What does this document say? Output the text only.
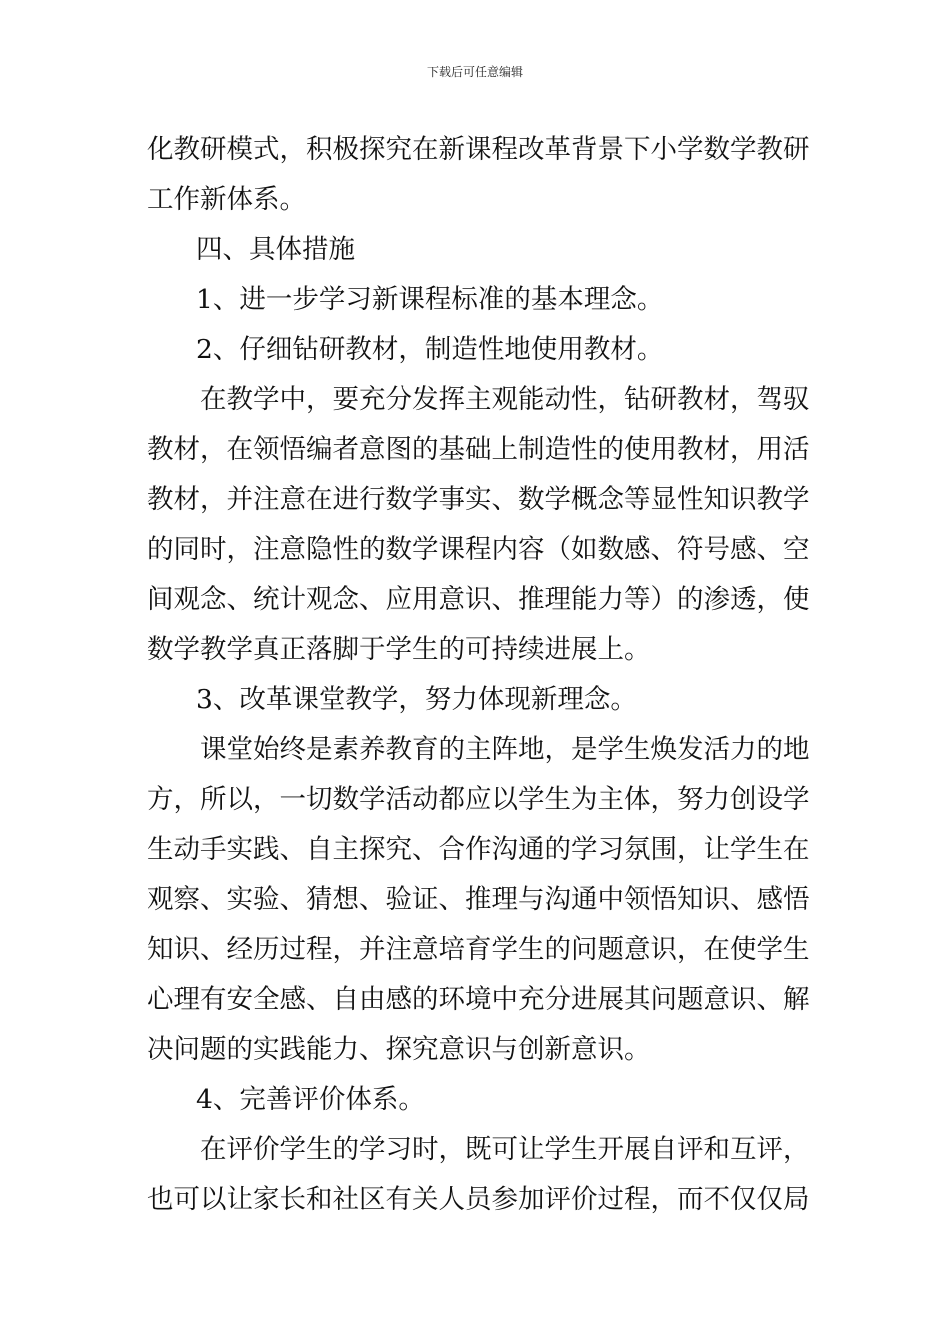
下载后可任意编辑
化教研模式，积极探究在新课程改革背景下小学数学教研
工作新体系。
四、具体措施
1、进一步学习新课程标准的基本理念。
2、仔细钻研教材，制造性地使用教材。
在教学中，要充分发挥主观能动性，钻研教材，驾驭
教材，在领悟编者意图的基础上制造性的使用教材，用活
教材，并注意在进行数学事实、数学概念等显性知识教学
的同时，注意隐性的数学课程内容（如数感、符号感、空
间观念、统计观念、应用意识、推理能力等）的渗透，使
数学教学真正落脚于学生的可持续进展上。
3、改革课堂教学，努力体现新理念。
课堂始终是素养教育的主阵地，是学生焕发活力的地
方，所以，一切数学活动都应以学生为主体，努力创设学
生动手实践、自主探究、合作沟通的学习氛围，让学生在
观察、实验、猜想、验证、推理与沟通中领悟知识、感悟
知识、经历过程，并注意培育学生的问题意识，在使学生
心理有安全感、自由感的环境中充分进展其问题意识、解
决问题的实践能力、探究意识与创新意识。
4、完善评价体系。
在评价学生的学习时，既可让学生开展自评和互评，
也可以让家长和社区有关人员参加评价过程，而不仅仅局
